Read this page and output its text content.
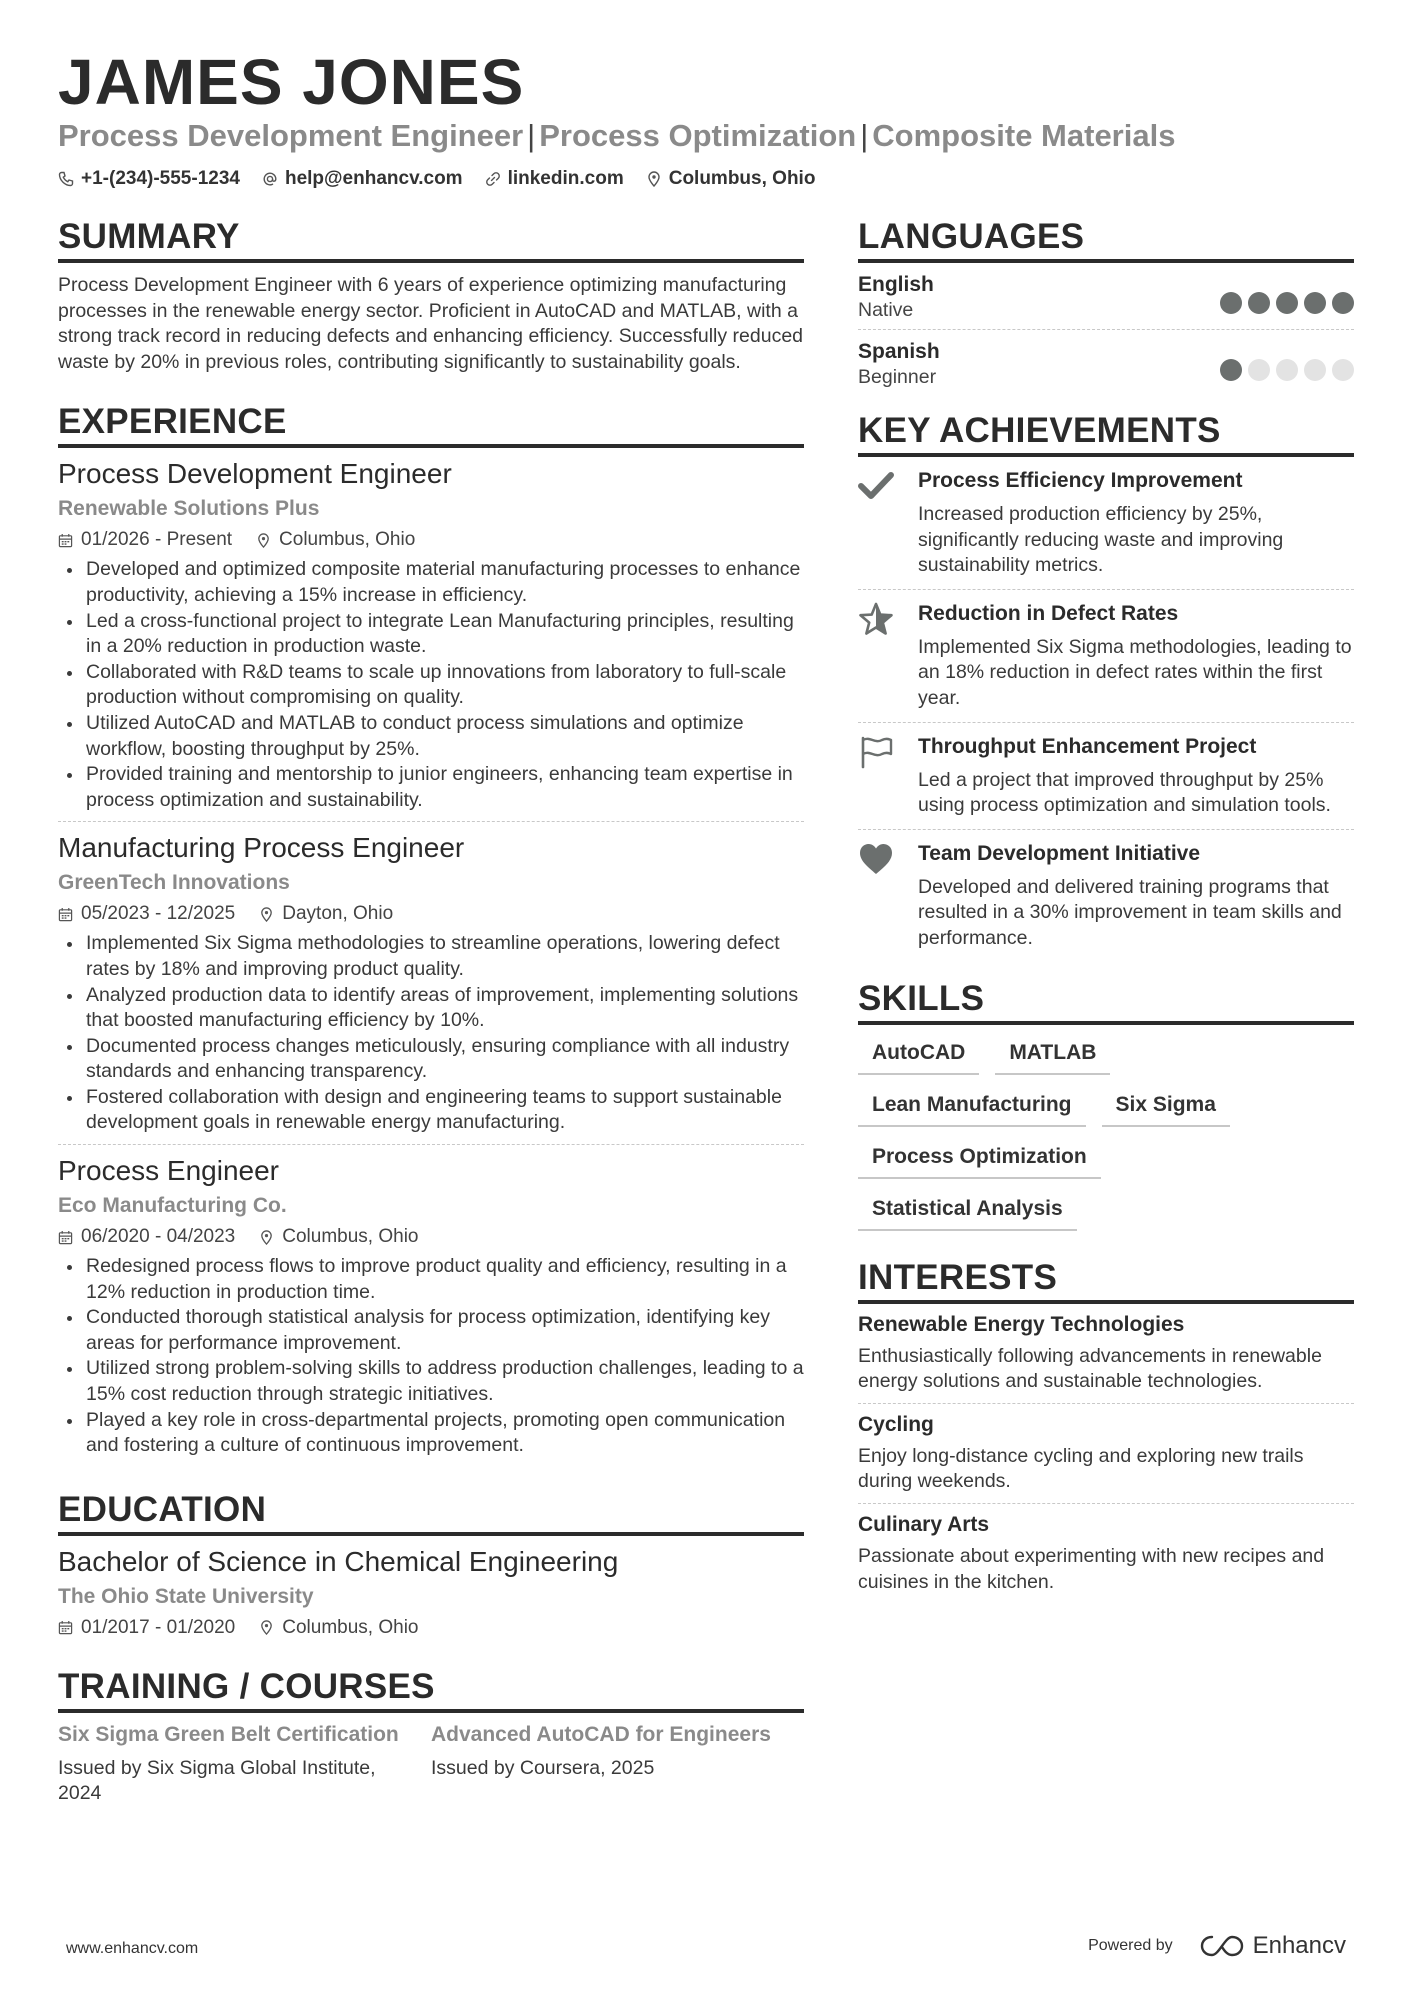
JAMES JONES
Process Development Engineer | Process Optimization | Composite Materials
+1-(234)-555-1234 help@enhancv.com linkedin.com Columbus, Ohio
SUMMARY

Process Development Engineer with 6 years of experience optimizing manufacturing processes in the renewable energy sector. Proficient in AutoCAD and MATLAB, with a strong track record in reducing defects and enhancing efficiency. Successfully reduced waste by 20% in previous roles, contributing significantly to sustainability goals.

EXPERIENCE
Process Development Engineer
Renewable Solutions Plus
01/2026 - Present Columbus, Ohio
Developed and optimized composite material manufacturing processes to enhance productivity, achieving a 15% increase in efficiency.
Led a cross-functional project to integrate Lean Manufacturing principles, resulting in a 20% reduction in production waste.
Collaborated with R&D teams to scale up innovations from laboratory to full-scale production without compromising on quality.
Utilized AutoCAD and MATLAB to conduct process simulations and optimize workflow, boosting throughput by 25%.
Provided training and mentorship to junior engineers, enhancing team expertise in process optimization and sustainability.
Manufacturing Process Engineer
GreenTech Innovations
05/2023 - 12/2025 Dayton, Ohio
Implemented Six Sigma methodologies to streamline operations, lowering defect rates by 18% and improving product quality.
Analyzed production data to identify areas of improvement, implementing solutions that boosted manufacturing efficiency by 10%.
Documented process changes meticulously, ensuring compliance with all industry standards and enhancing transparency.
Fostered collaboration with design and engineering teams to support sustainable development goals in renewable energy manufacturing.
Process Engineer
Eco Manufacturing Co.
06/2020 - 04/2023 Columbus, Ohio
Redesigned process flows to improve product quality and efficiency, resulting in a 12% reduction in production time.
Conducted thorough statistical analysis for process optimization, identifying key areas for performance improvement.
Utilized strong problem-solving skills to address production challenges, leading to a 15% cost reduction through strategic initiatives.
Played a key role in cross-departmental projects, promoting open communication and fostering a culture of continuous improvement.
EDUCATION
Bachelor of Science in Chemical Engineering
The Ohio State University
01/2017 - 01/2020 Columbus, Ohio
TRAINING / COURSES
Six Sigma Green Belt Certification
Issued by Six Sigma Global Institute, 2024
Advanced AutoCAD for Engineers
Issued by Coursera, 2025
LANGUAGES
English
Native
Spanish
Beginner
KEY ACHIEVEMENTS
Process Efficiency Improvement
Increased production efficiency by 25%, significantly reducing waste and improving sustainability metrics.
Reduction in Defect Rates
Implemented Six Sigma methodologies, leading to an 18% reduction in defect rates within the first year.
Throughput Enhancement Project
Led a project that improved throughput by 25% using process optimization and simulation tools.
Team Development Initiative
Developed and delivered training programs that resulted in a 30% improvement in team skills and performance.
SKILLS
AutoCAD	MATLAB
Lean Manufacturing	Six Sigma
Process Optimization
Statistical Analysis
INTERESTS
Renewable Energy Technologies
Enthusiastically following advancements in renewable energy solutions and sustainable technologies.
Cycling
Enjoy long-distance cycling and exploring new trails during weekends.
Culinary Arts
Passionate about experimenting with new recipes and cuisines in the kitchen.
www.enhancv.com	Powered by	Enhancv
